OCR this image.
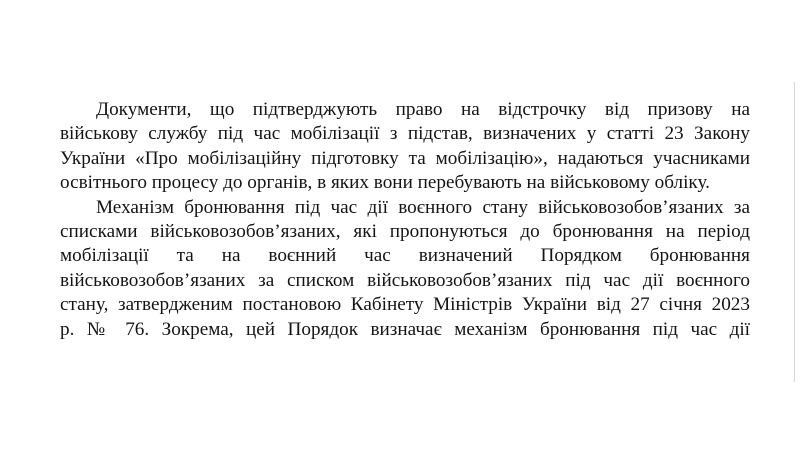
Документи, що підтверджують право на відстрочку від призову на
військову службу під час мобілізації з підстав, визначених у статті 23 Закону
України «Про мобілізаційну підготовку та мобілізацію», надаються учасниками
освітнього процесу до органів, в яких вони перебувають на військовому обліку.
Механізм бронювання під час дії воєнного стану військовозобов’язаних за
списками військовозобов’язаних, які пропонуються до бронювання на період
мобілізації та на воєнний час визначений Порядком бронювання
військовозобов’язаних за списком військовозобов’язаних під час дії воєнного
стану, затвердженим постановою Кабінету Міністрів України від 27 січня 2023
р. № 76. Зокрема, цей Порядок визначає механізм бронювання під час дії
